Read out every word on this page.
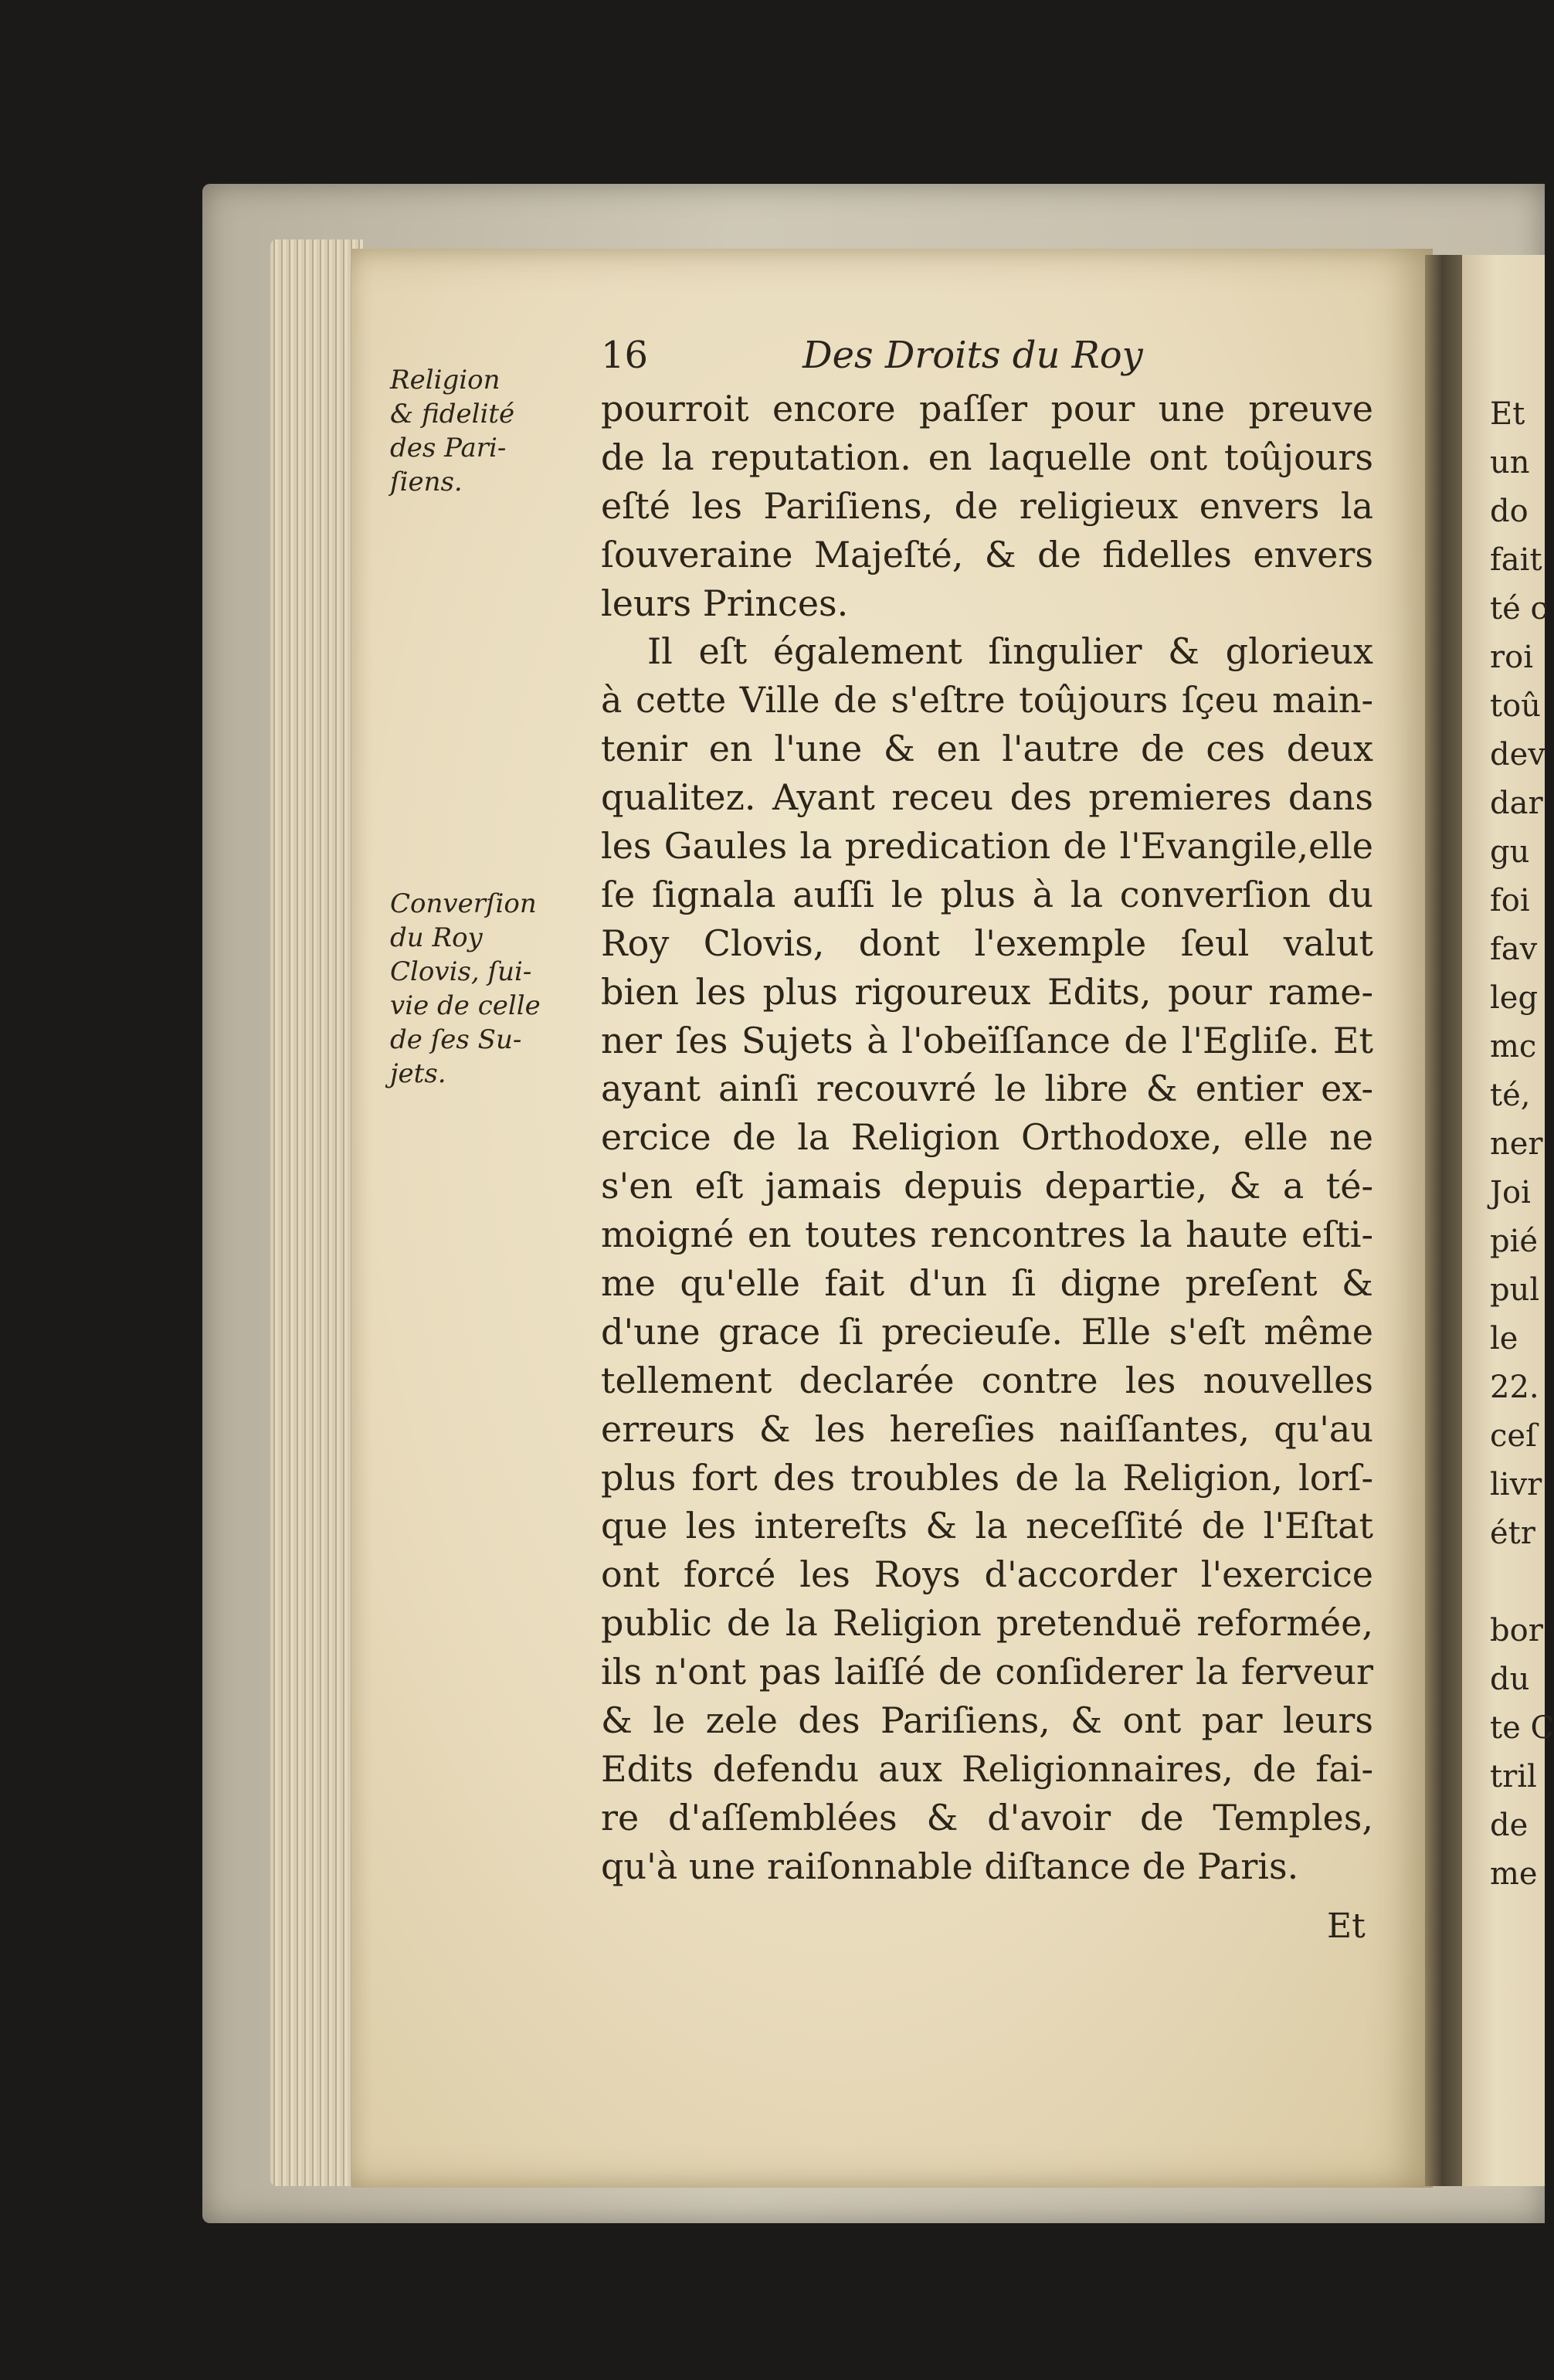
16	Des Droits du Roy
Religion
& fidelité
des Pari-
ſiens.
Converſion
du Roy
Clovis, ſui-
vie de celle
de ſes Su-
jets.
pourroit encore paſſer pour une preuve
de la reputation. en laquelle ont toûjours
eſté les Pariſiens, de religieux envers la
ſouveraine Majeſté, & de fidelles envers
leurs Princes.
Il eſt également ſingulier & glorieux
à cette Ville de s'eſtre toûjours ſçeu main-
tenir en l'une & en l'autre de ces deux
qualitez. Ayant receu des premieres dans
les Gaules la predication de l'Evangile,elle
ſe ſignala auſſi le plus à la converſion du
Roy Clovis, dont l'exemple ſeul valut
bien les plus rigoureux Edits, pour rame-
ner ſes Sujets à l'obeïſſance de l'Egliſe. Et
ayant ainſi recouvré le libre & entier ex-
ercice de la Religion Orthodoxe, elle ne
s'en eſt jamais depuis departie, & a té-
moigné en toutes rencontres la haute eſti-
me qu'elle fait d'un ſi digne preſent &
d'une grace ſi precieuſe. Elle s'eſt même
tellement declarée contre les nouvelles
erreurs & les hereſies naiſſantes, qu'au
plus fort des troubles de la Religion, lorſ-
que les intereſts & la neceſſité de l'Eſtat
ont forcé les Roys d'accorder l'exercice
public de la Religion pretenduë reformée,
ils n'ont pas laiſſé de conſiderer la ferveur
& le zele des Pariſiens, & ont par leurs
Edits defendu aux Religionnaires, de fai-
re d'aſſemblées & d'avoir de Temples,
qu'à une raiſonnable diſtance de Paris.
Et
Et
un
do
fait
té c
roi
toû
dev
dar
gu
foi
fav
leg
mc
té,
ner
Joi
pié
pul
le
22.
ceſ
livr
étr
bor
du
te C
tril
de
me
